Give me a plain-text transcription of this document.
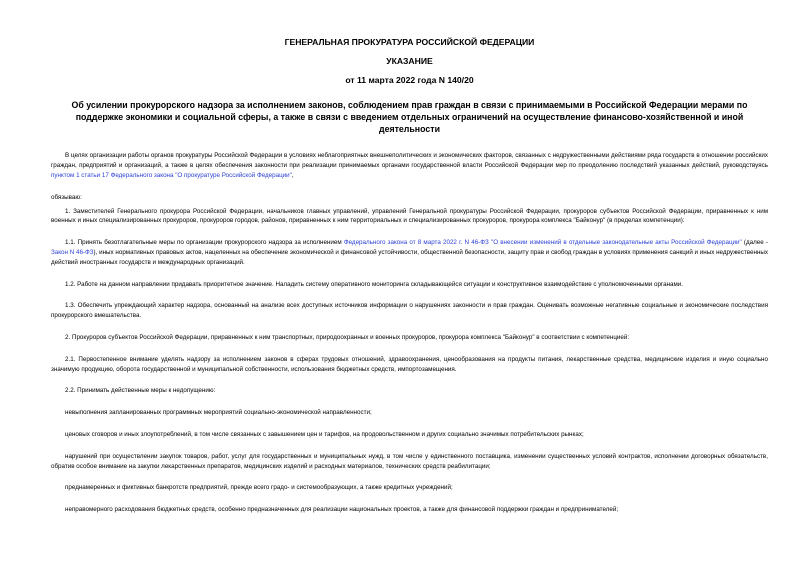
ГЕНЕРАЛЬНАЯ ПРОКУРАТУРА РОССИЙСКОЙ ФЕДЕРАЦИИ
УКАЗАНИЕ
от 11 марта 2022 года N 140/20
Об усилении прокурорского надзора за исполнением законов, соблюдением прав граждан в связи с принимаемыми в Российской Федерации мерами по поддержке экономики и социальной сферы, а также в связи с введением отдельных ограничений на осуществление финансово-хозяйственной и иной деятельности

В целях организации работы органов прокуратуры Российской Федерации в условиях неблагоприятных внешнеполитических и экономических факторов, связанных с недружественными действиями ряда государств в отношении российских граждан, предприятий и организаций, а также в целях обеспечения законности при реализации принимаемых органами государственной власти Российской Федерации мер по преодолению последствий указанных действий, руководствуясь пунктом 1 статьи 17 Федерального закона "О прокуратуре Российской Федерации",

обязываю:

1. Заместителей Генерального прокурора Российской Федерации, начальников главных управлений, управлений Генеральной прокуратуры Российской Федерации, прокуроров субъектов Российской Федерации, приравненных к ним военных и иных специализированных прокуроров, прокуроров городов, районов, приравненных к ним территориальных и специализированных прокуроров, прокурора комплекса "Байконур" (в пределах компетенции):

1.1. Принять безотлагательные меры по организации прокурорского надзора за исполнением Федерального закона от 8 марта 2022 г. N 46-ФЗ "О внесении изменений в отдельные законодательные акты Российской Федерации" (далее - Закон N 46-ФЗ), иных нормативных правовых актов, нацеленных на обеспечение экономической и финансовой устойчивости, общественной безопасности, защиту прав и свобод граждан в условиях применения санкций и иных недружественных действий иностранных государств и международных организаций.

1.2. Работе на данном направлении придавать приоритетное значение. Наладить систему оперативного мониторинга складывающейся ситуации и конструктивное взаимодействие с уполномоченными органами.

1.3. Обеспечить упреждающий характер надзора, основанный на анализе всех доступных источников информации о нарушениях законности и прав граждан. Оценивать возможные негативные социальные и экономические последствия прокурорского вмешательства.

2. Прокуроров субъектов Российской Федерации, приравненных к ним транспортных, природоохранных и военных прокуроров, прокурора комплекса "Байконур" в соответствии с компетенцией:

2.1. Первостепенное внимание уделять надзору за исполнением законов в сферах трудовых отношений, здравоохранения, ценообразования на продукты питания, лекарственные средства, медицинские изделия и иную социально значимую продукцию, оборота государственной и муниципальной собственности, использования бюджетных средств, импортозамещения.

2.2. Принимать действенные меры к недопущению:

невыполнения запланированных программных мероприятий социально-экономической направленности;

ценовых сговоров и иных злоупотреблений, в том числе связанных с завышением цен и тарифов, на продовольственном и других социально значимых потребительских рынках;

нарушений при осуществлении закупок товаров, работ, услуг для государственных и муниципальных нужд, в том числе у единственного поставщика, изменении существенных условий контрактов, исполнении договорных обязательств, обратив особое внимание на закупки лекарственных препаратов, медицинских изделий и расходных материалов, технических средств реабилитации;

преднамеренных и фиктивных банкротств предприятий, прежде всего градо- и системообразующих, а также кредитных учреждений;

неправомерного расходования бюджетных средств, особенно предназначенных для реализации национальных проектов, а также для финансовой поддержки граждан и предпринимателей;
